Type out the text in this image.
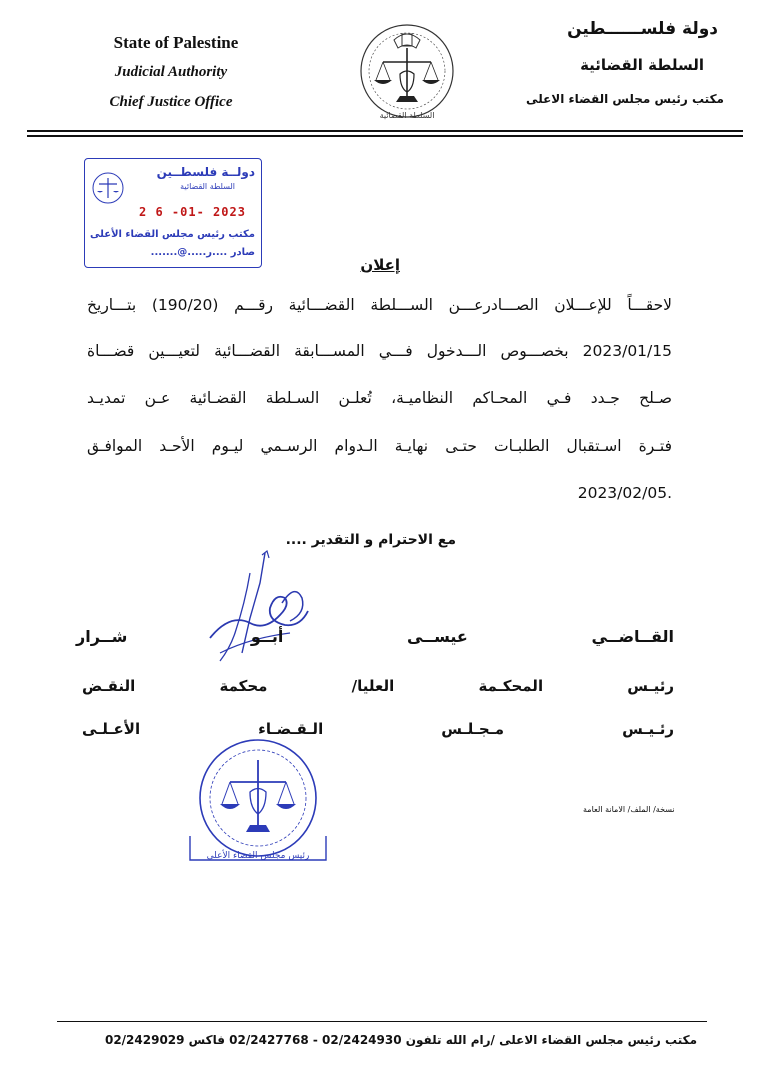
State of Palestine
Judicial Authority
Chief Justice Office
السلطة القضائية
دولة فلســــــطين
السلطة القضائية
مكتب رئيس مجلس القضاء الاعلى
دولــة فلسطــين
السلطة القضائية
2 6 -01- 2023
مكتب رئيس مجلس القضاء الأعلى
صادر ....ر.....@.......
إعلان
لاحقـــاً للإعـــلان الصـــادرعـــن الســـلطة القضـــائية رقـــم (190/20) بتـــاريخ
2023/01/15 بخصـــوص الـــدخول فـــي المســـابقة القضـــائية لتعيـــين قضـــاة
صـلح جـدد فـي المحـاكم النظاميـة، تُعلـن السـلطة القضـائية عـن تمديـد
فتـرة اسـتقبال الطلبـات حتـى نهايـة الـدوام الرسـمي ليـوم الأحـد الموافـق
.2023/02/05
مع الاحترام و التقدير ....
القــاضــي عيســى أبــو شــرار
رئيـس المحكـمة العليا/ محكمة النقـض
رئـيـس مـجـلـس الـقـضـاء الأعـلـى
رئيس مجلس القضاء الأعلى
نسخة/ الملف/ الامانة العامة
مكتب رئيس مجلس القضاء الاعلى /رام الله تلفون 02/2424930 - 02/2427768 فاكس 02/2429029
